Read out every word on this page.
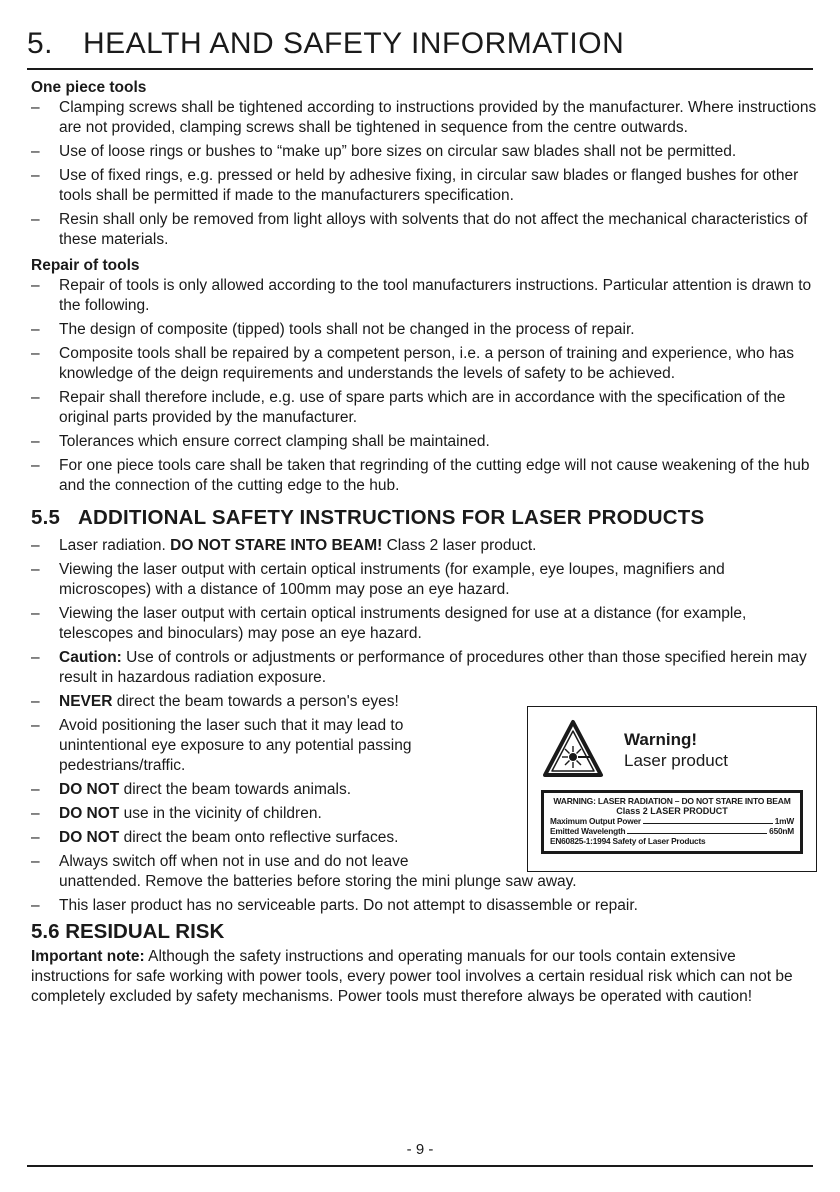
5. HEALTH AND SAFETY INFORMATION

One piece tools

– Clamping screws shall be tightened according to instructions provided by the manufacturer. Where instructions are not provided, clamping screws shall be tightened in sequence from the centre outwards.
– Use of loose rings or bushes to “make up” bore sizes on circular saw blades shall not be permitted.
– Use of fixed rings, e.g. pressed or held by adhesive fixing, in circular saw blades or flanged bushes for other tools shall be permitted if made to the manufacturers specification.
– Resin shall only be removed from light alloys with solvents that do not affect the mechanical characteristics of these materials.

Repair of tools

– Repair of tools is only allowed according to the tool manufacturers instructions. Particular attention is drawn to the following.
– The design of composite (tipped) tools shall not be changed in the process of repair.
– Composite tools shall be repaired by a competent person, i.e. a person of training and experience, who has knowledge of the deign requirements and understands the levels of safety to be achieved.
– Repair shall therefore include, e.g. use of spare parts which are in accordance with the specification of the original parts provided by the manufacturer.
– Tolerances which ensure correct clamping shall be maintained.
– For one piece tools care shall be taken that regrinding of the cutting edge will not cause weakening of the hub and the connection of the cutting edge to the hub.
5.5 ADDITIONAL SAFETY INSTRUCTIONS FOR LASER PRODUCTS
– Laser radiation. DO NOT STARE INTO BEAM! Class 2 laser product.
– Viewing the laser output with certain optical instruments (for example, eye loupes, magnifiers and microscopes) with a distance of 100mm may pose an eye hazard.
– Viewing the laser output with certain optical instruments designed for use at a distance (for example, telescopes and binoculars) may pose an eye hazard.
– Caution: Use of controls or adjustments or performance of procedures other than those specified herein may result in hazardous radiation exposure.
– NEVER direct the beam towards a person's eyes!
– Avoid positioning the laser such that it may lead to unintentional eye exposure to any potential passing pedestrians/traffic.
– DO NOT direct the beam towards animals.
– DO NOT use in the vicinity of children.
– DO NOT direct the beam onto reflective surfaces.
– Always switch off when not in use and do not leave
unattended. Remove the batteries before storing the mini plunge saw away.
– This laser product has no serviceable parts. Do not attempt to disassemble or repair.
5.6 RESIDUAL RISK

Important note: Although the safety instructions and operating manuals for our tools contain extensive instructions for safe working with power tools, every power tool involves a certain residual risk which can not be completely excluded by safety mechanisms. Power tools must therefore always be operated with caution!

Warning!
Laser product
WARNING: LASER RADIATION – DO NOT STARE INTO BEAM
Class 2 LASER PRODUCT
Maximum Output Power	1mW
Emitted Wavelength	650nM
EN60825-1:1994 Safety of Laser Products
- 9 -
